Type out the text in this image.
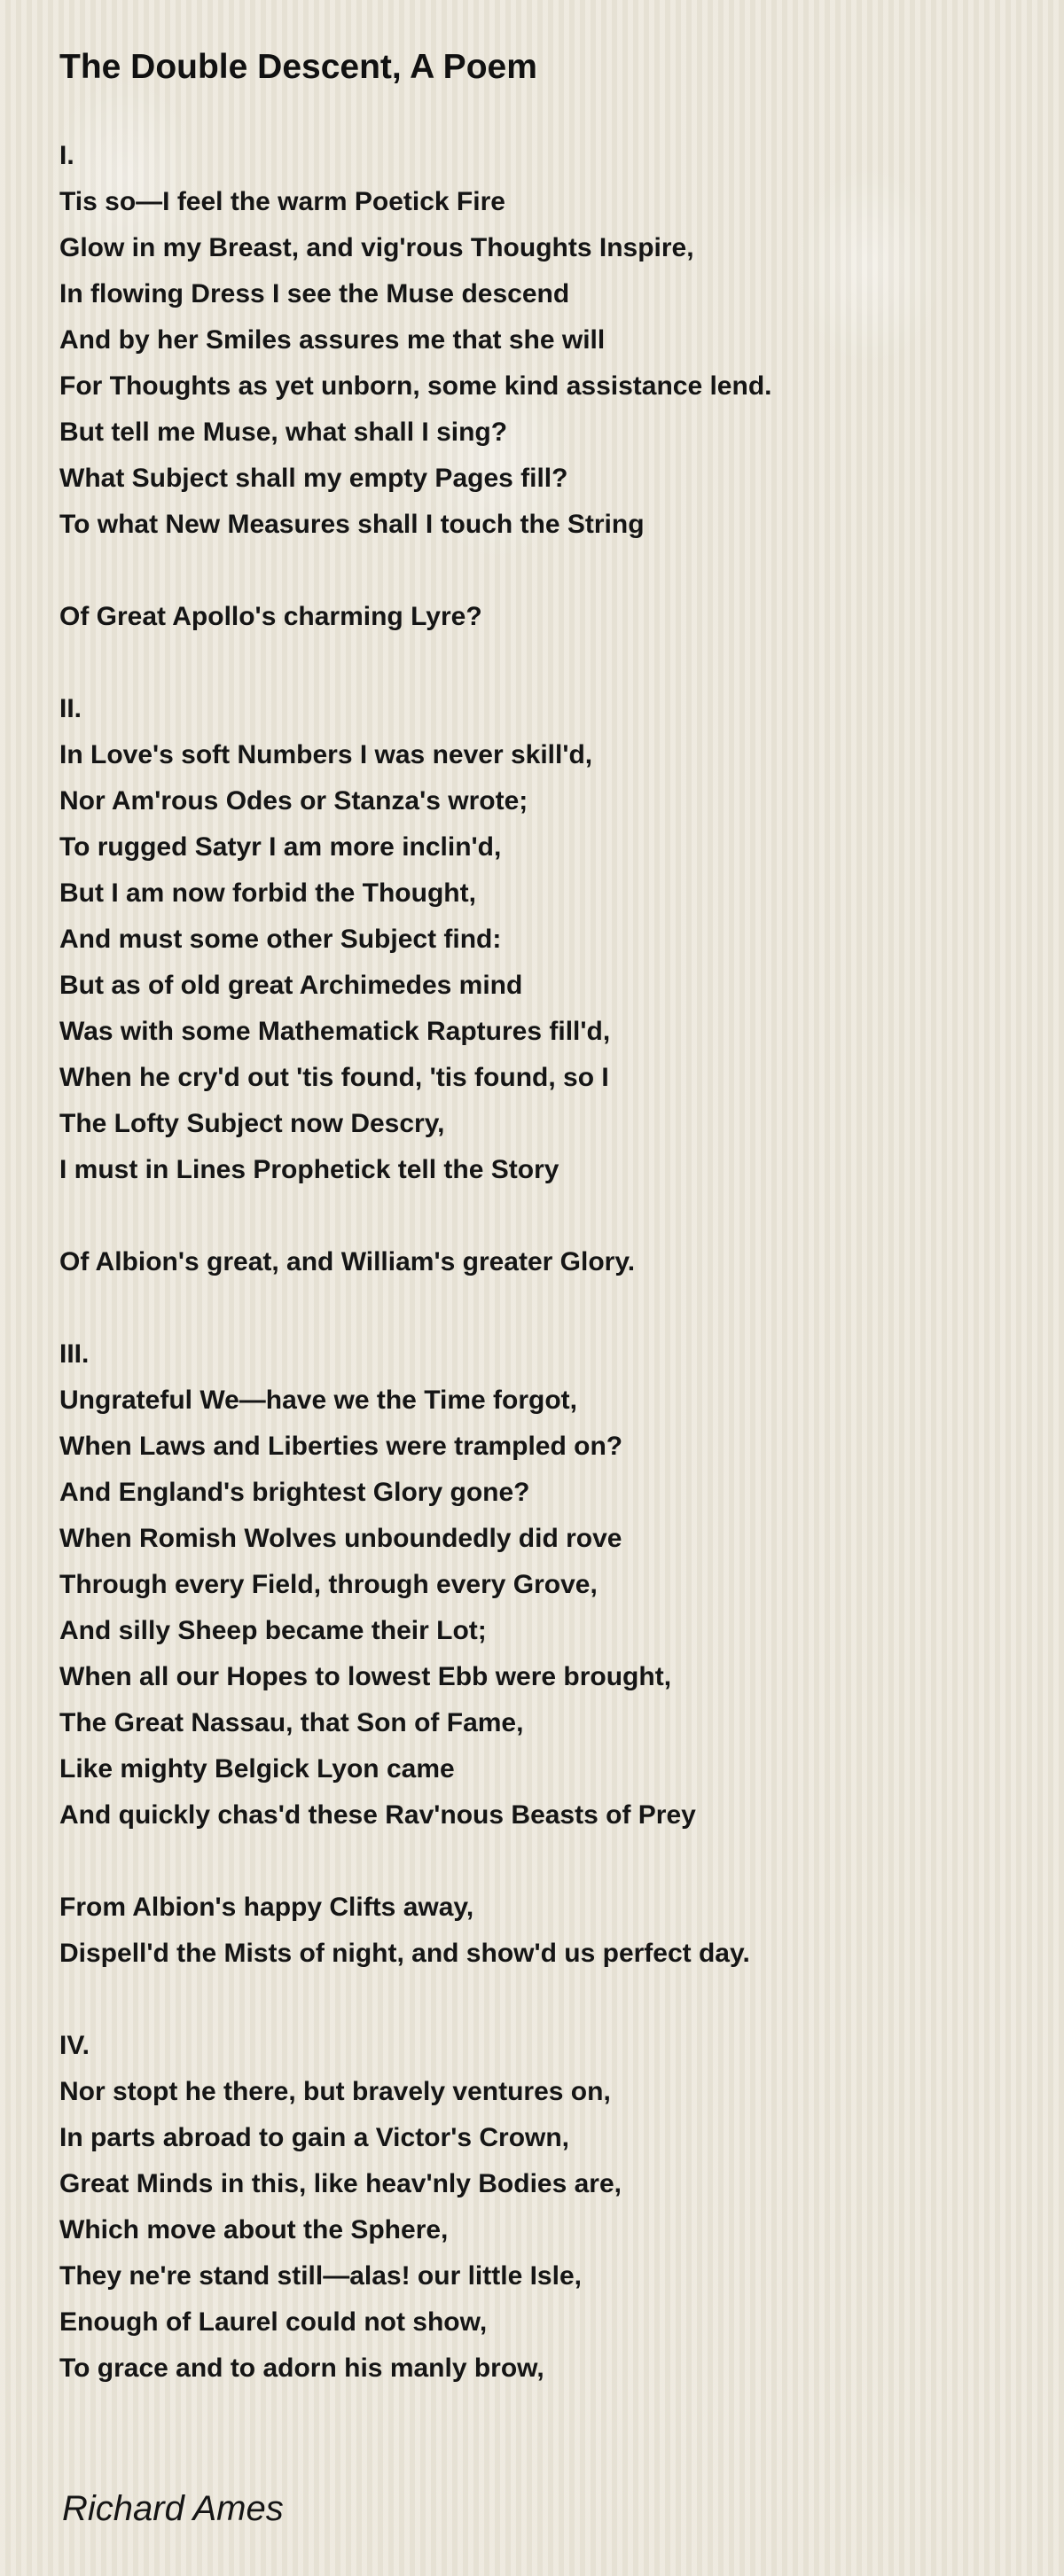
The Double Descent, A Poem
I.
Tis so—I feel the warm Poetick Fire
Glow in my Breast, and vig'rous Thoughts Inspire,
In flowing Dress I see the Muse descend
And by her Smiles assures me that she will
For Thoughts as yet unborn, some kind assistance lend.
But tell me Muse, what shall I sing?
What Subject shall my empty Pages fill?
To what New Measures shall I touch the String
Of Great Apollo's charming Lyre?
II.
In Love's soft Numbers I was never skill'd,
Nor Am'rous Odes or Stanza's wrote;
To rugged Satyr I am more inclin'd,
But I am now forbid the Thought,
And must some other Subject find:
But as of old great Archimedes mind
Was with some Mathematick Raptures fill'd,
When he cry'd out 'tis found, 'tis found, so I
The Lofty Subject now Descry,
I must in Lines Prophetick tell the Story
Of Albion's great, and William's greater Glory.
III.
Ungrateful We—have we the Time forgot,
When Laws and Liberties were trampled on?
And England's brightest Glory gone?
When Romish Wolves unboundedly did rove
Through every Field, through every Grove,
And silly Sheep became their Lot;
When all our Hopes to lowest Ebb were brought,
The Great Nassau, that Son of Fame,
Like mighty Belgick Lyon came
And quickly chas'd these Rav'nous Beasts of Prey
From Albion's happy Clifts away,
Dispell'd the Mists of night, and show'd us perfect day.
IV.
Nor stopt he there, but bravely ventures on,
In parts abroad to gain a Victor's Crown,
Great Minds in this, like heav'nly Bodies are,
Which move about the Sphere,
They ne're stand still—alas! our little Isle,
Enough of Laurel could not show,
To grace and to adorn his manly brow,
Richard Ames
